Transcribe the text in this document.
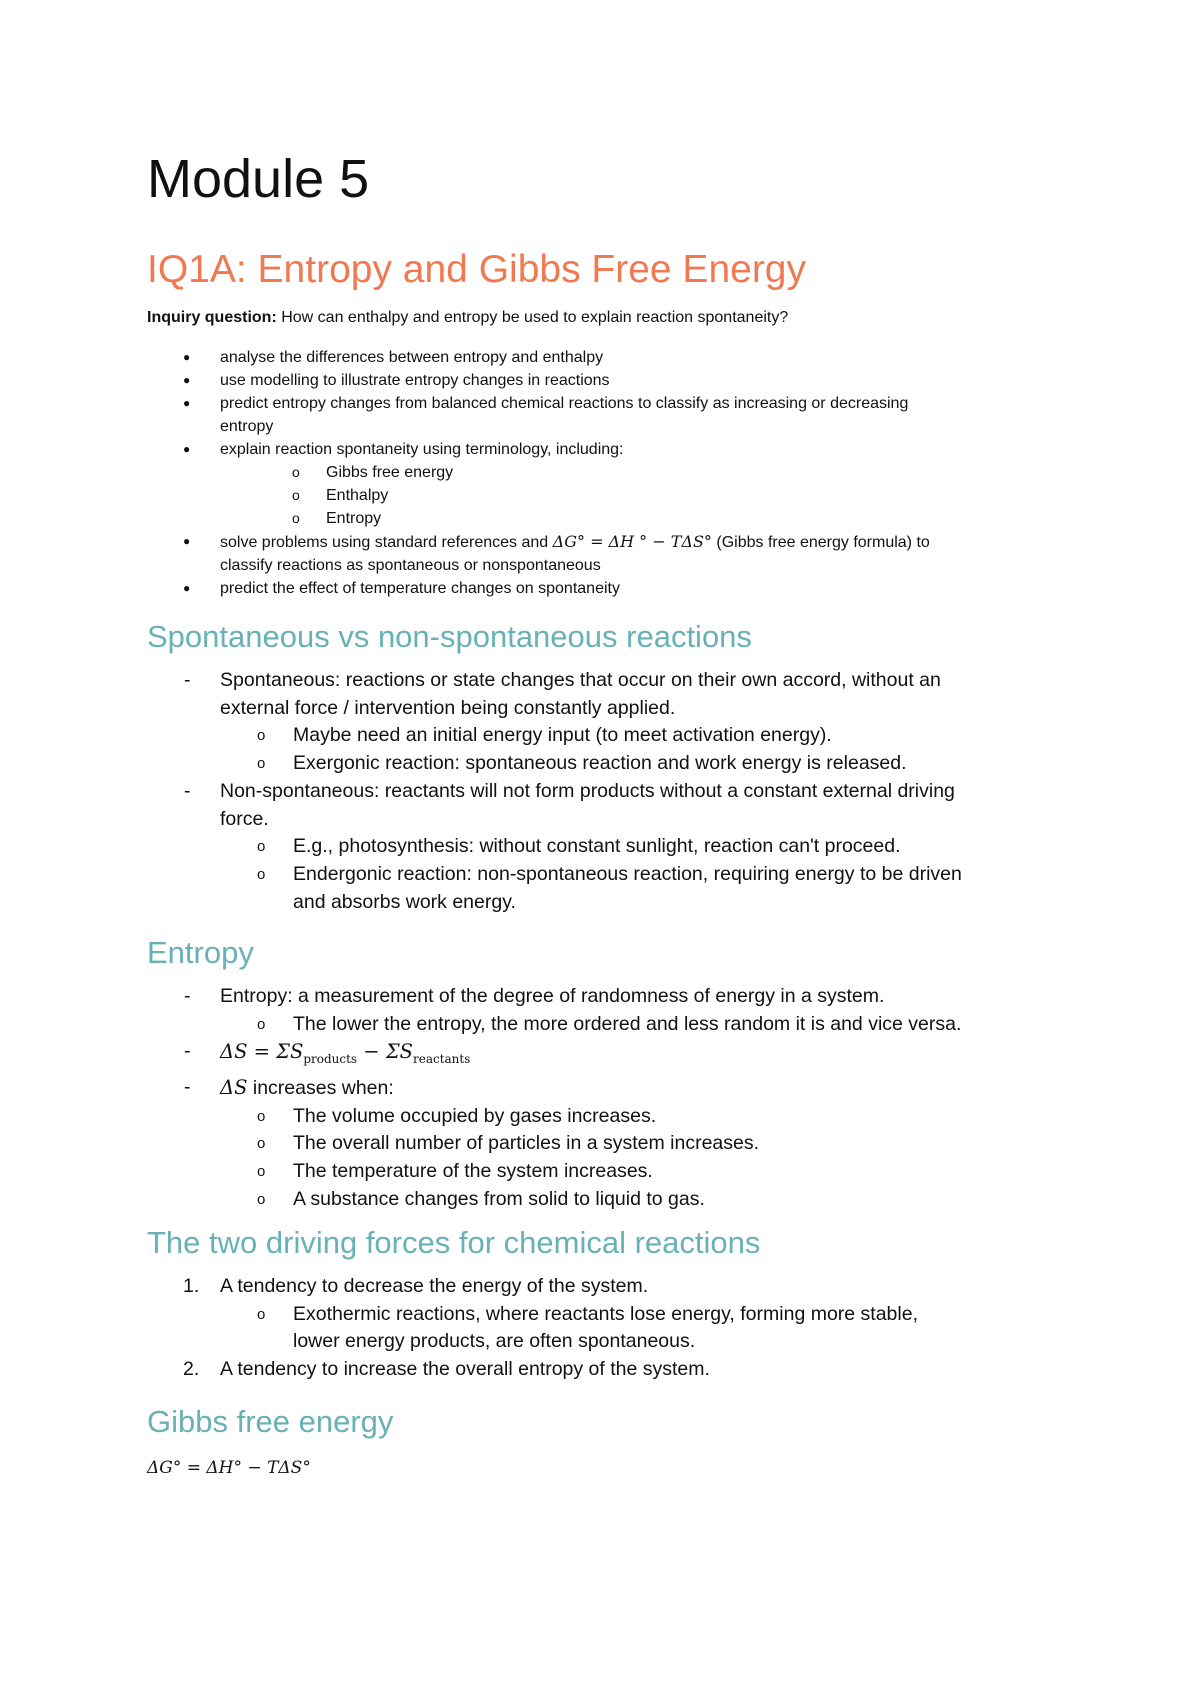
Module 5
IQ1A: Entropy and Gibbs Free Energy
Inquiry question: How can enthalpy and entropy be used to explain reaction spontaneity?
● analyse the differences between entropy and enthalpy
● use modelling to illustrate entropy changes in reactions
● predict entropy changes from balanced chemical reactions to classify as increasing or decreasing
entropy
● explain reaction spontaneity using terminology, including:
o Gibbs free energy
o Enthalpy
o Entropy
● solve problems using standard references and ΔG° = ΔH ° − TΔS° (Gibbs free energy formula) to
classify reactions as spontaneous or nonspontaneous
● predict the effect of temperature changes on spontaneity
Spontaneous vs non-spontaneous reactions
- Spontaneous: reactions or state changes that occur on their own accord, without an
external force / intervention being constantly applied.
o Maybe need an initial energy input (to meet activation energy).
o Exergonic reaction: spontaneous reaction and work energy is released.
- Non-spontaneous: reactants will not form products without a constant external driving
force.
o E.g., photosynthesis: without constant sunlight, reaction can't proceed.
o Endergonic reaction: non-spontaneous reaction, requiring energy to be driven
and absorbs work energy.
Entropy
- Entropy: a measurement of the degree of randomness of energy in a system.
o The lower the entropy, the more ordered and less random it is and vice versa.
- $\Delta S = \Sigma S_{products} - \Sigma S_{reactants}$
- ΔS increases when:
o The volume occupied by gases increases.
o The overall number of particles in a system increases.
o The temperature of the system increases.
o A substance changes from solid to liquid to gas.
The two driving forces for chemical reactions
1. A tendency to decrease the energy of the system.
o Exothermic reactions, where reactants lose energy, forming more stable,
lower energy products, are often spontaneous.
2. A tendency to increase the overall entropy of the system.
Gibbs free energy
ΔG° = ΔH° − TΔS°
